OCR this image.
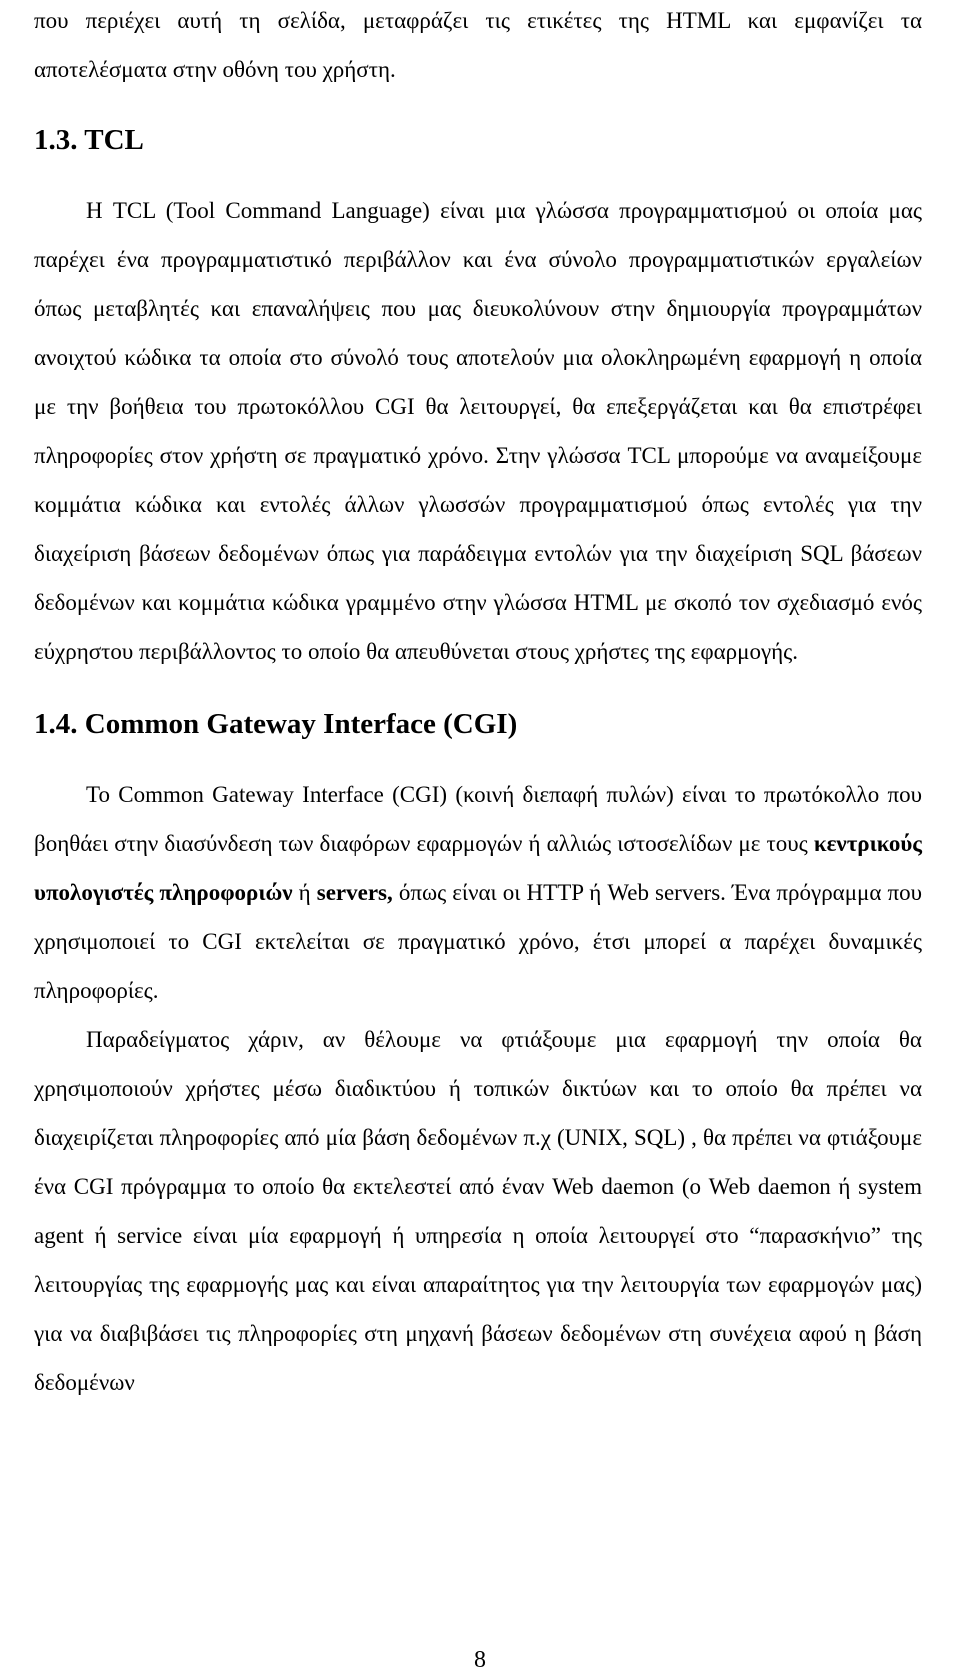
που περιέχει αυτή τη σελίδα, μεταφράζει τις ετικέτες της HTML και εμφανίζει τα αποτελέσματα στην οθόνη του χρήστη.

1.3. TCL

Η TCL (Tool Command Language) είναι μια γλώσσα προγραμματισμού οι οποία μας παρέχει ένα προγραμματιστικό περιβάλλον και ένα σύνολο προγραμματιστικών εργαλείων όπως μεταβλητές και επαναλήψεις που μας διευκολύνουν στην δημιουργία προγραμμάτων ανοιχτού κώδικα τα οποία στο σύνολό τους αποτελούν μια ολοκληρωμένη εφαρμογή η οποία με την βοήθεια του πρωτοκόλλου CGI θα λειτουργεί, θα επεξεργάζεται και θα επιστρέφει πληροφορίες στον χρήστη σε πραγματικό χρόνο. Στην γλώσσα TCL μπορούμε να αναμείξουμε κομμάτια κώδικα και εντολές άλλων γλωσσών προγραμματισμού όπως εντολές για την διαχείριση βάσεων δεδομένων όπως για παράδειγμα εντολών για την διαχείριση SQL βάσεων δεδομένων και κομμάτια κώδικα γραμμένο στην γλώσσα HTML με σκοπό τον σχεδιασμό ενός εύχρηστου περιβάλλοντος το οποίο θα απευθύνεται στους χρήστες της εφαρμογής.

1.4. Common Gateway Interface (CGI)

Το Common Gateway Interface (CGI) (κοινή διεπαφή πυλών) είναι το πρωτόκολλο που βοηθάει στην διασύνδεση των διαφόρων εφαρμογών ή αλλιώς ιστοσελίδων με τους κεντρικούς υπολογιστές πληροφοριών ή servers, όπως είναι οι HTTP ή Web servers. Ένα πρόγραμμα που χρησιμοποιεί το CGI εκτελείται σε πραγματικό χρόνο, έτσι μπορεί α παρέχει δυναμικές πληροφορίες.

Παραδείγματος χάριν, αν θέλουμε να φτιάξουμε μια εφαρμογή την οποία θα χρησιμοποιούν χρήστες μέσω διαδικτύου ή τοπικών δικτύων και το οποίο θα πρέπει να διαχειρίζεται πληροφορίες από μία βάση δεδομένων π.χ (UNIX, SQL) , θα πρέπει να φτιάξουμε ένα CGI πρόγραμμα το οποίο θα εκτελεστεί από έναν Web daemon (ο Web daemon ή system agent ή service είναι μία εφαρμογή ή υπηρεσία η οποία λειτουργεί στο “παρασκήνιο” της λειτουργίας της εφαρμογής μας και είναι απαραίτητος για την λειτουργία των εφαρμογών μας) για να διαβιβάσει τις πληροφορίες στη μηχανή βάσεων δεδομένων στη συνέχεια αφού η βάση δεδομένων

8
